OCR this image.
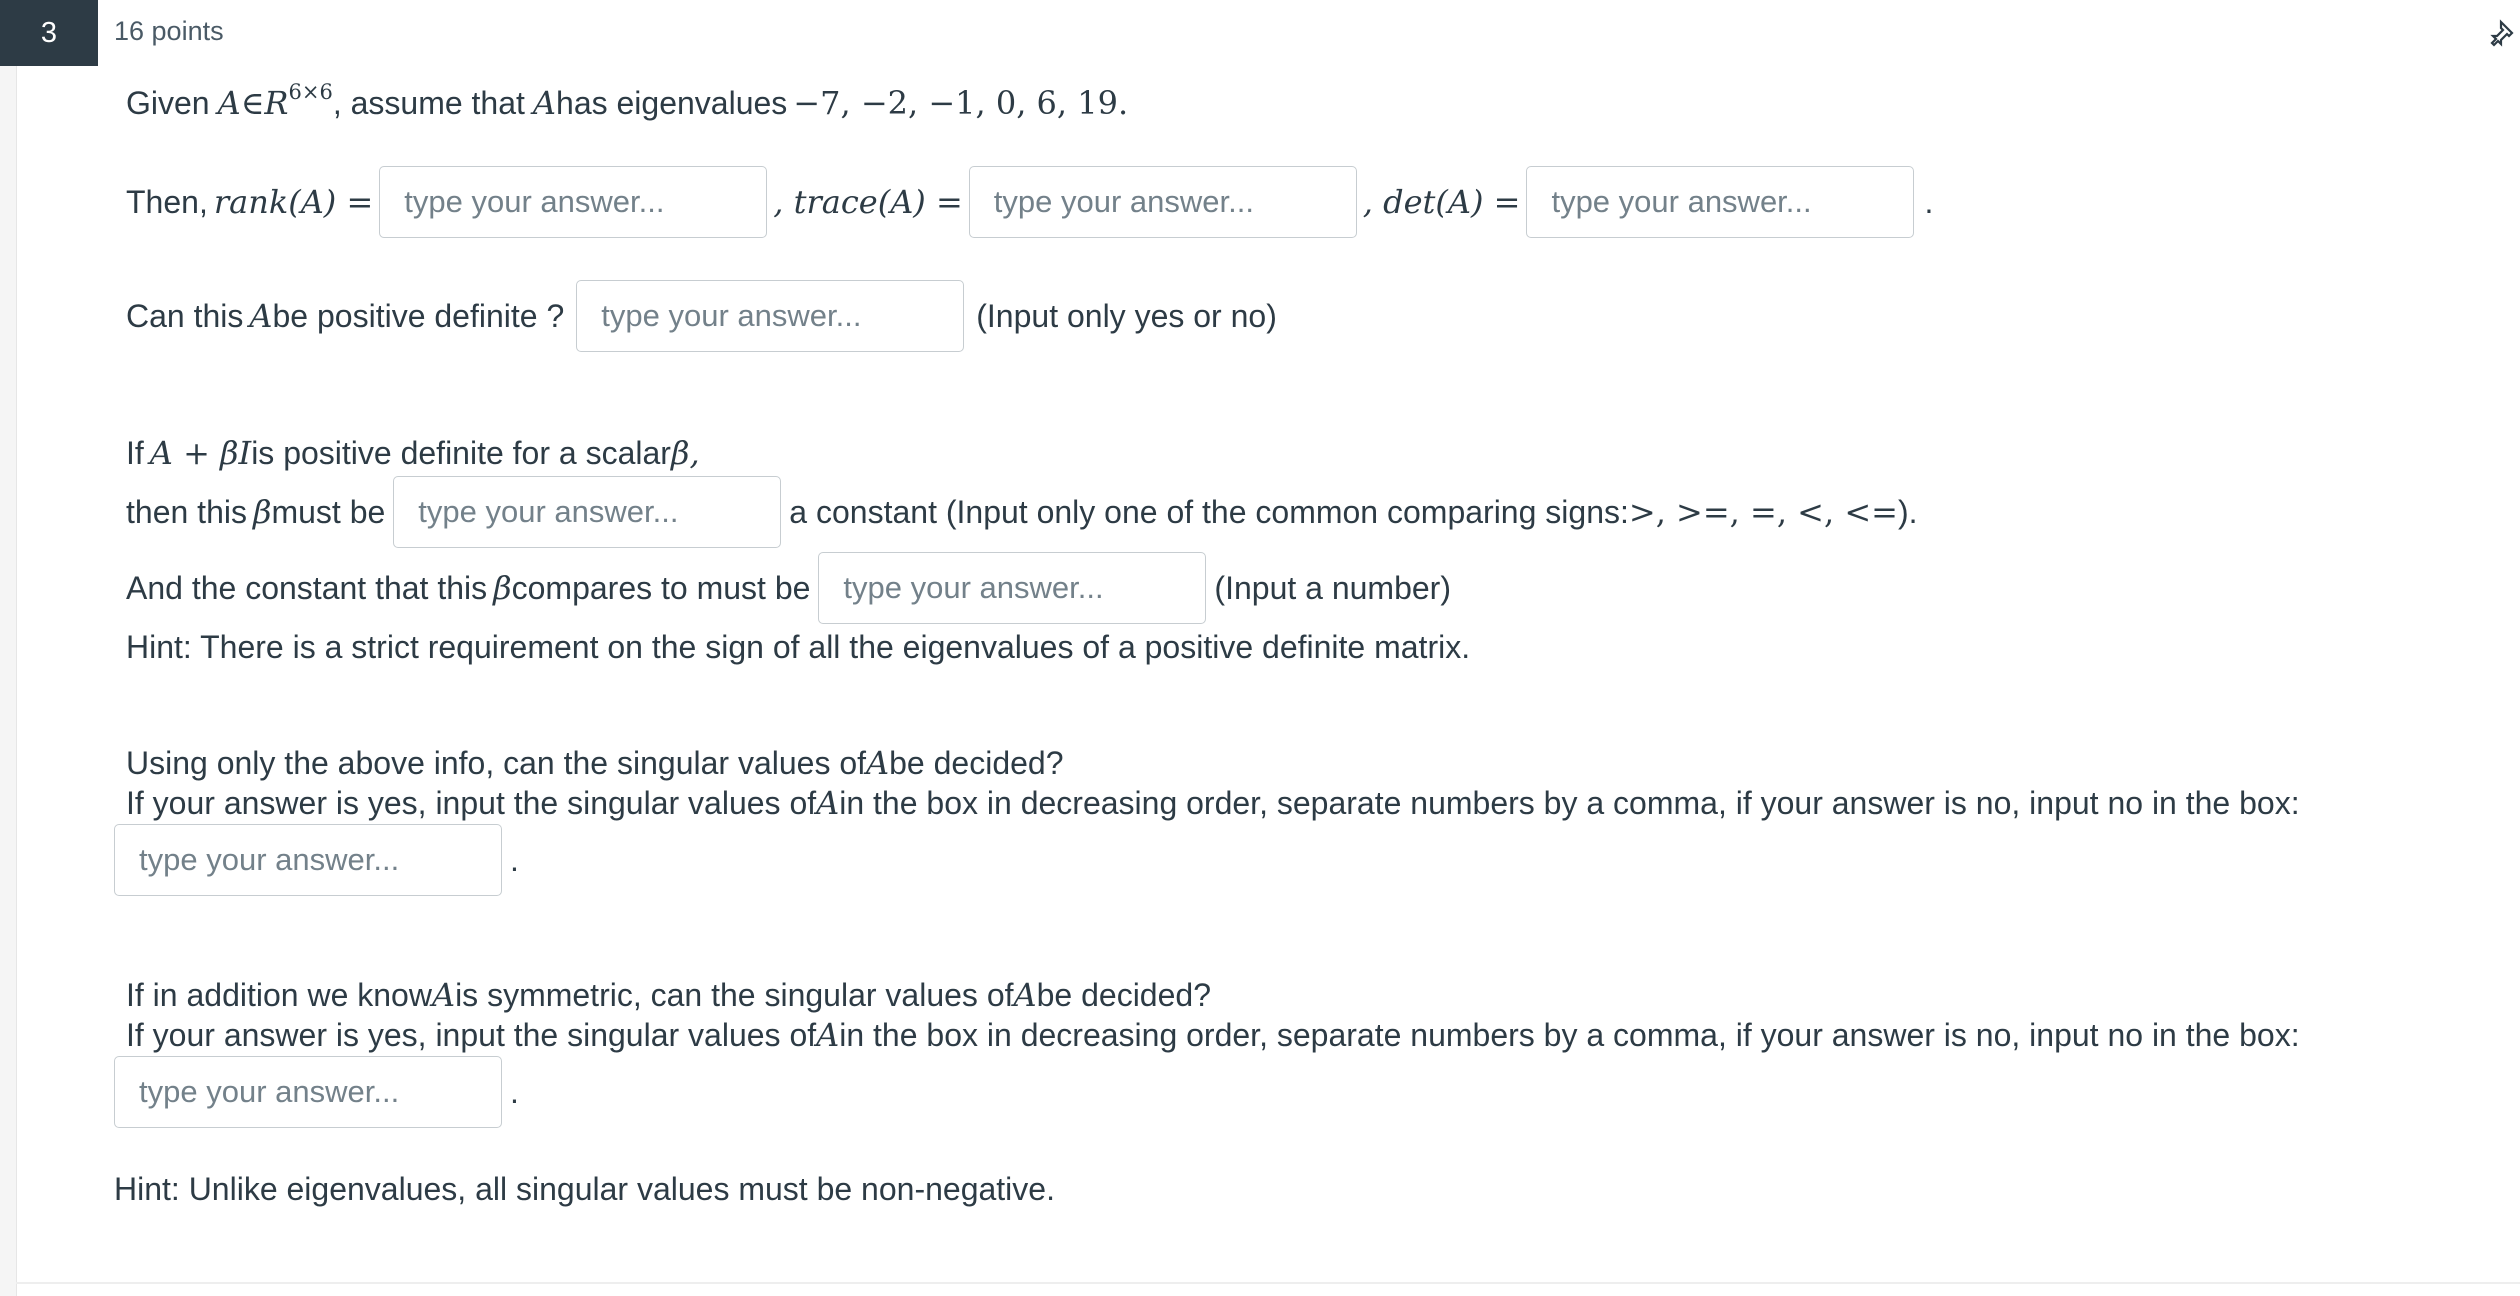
3	16 points
Given A ∈ $R^{6\times 6}$ , assume that A has eigenvalues −7, −2, −1, 0, 6, 19 .
Then, rank(A) =	type your answer...	, trace(A) =	type your answer...	, det(A) =	type your answer...	.
Can this A be positive definite ?	type your answer...	(Input only yes or no)
If A + βI is positive definite for a scalar β,
then this β must be	type your answer...	a constant (Input only one of the common comparing signs: >, >=, =, <, <= ).
And the constant that this β compares to must be	type your answer...	(Input a number)
Hint: There is a strict requirement on the sign of all the eigenvalues of a positive definite matrix.
Using only the above info, can the singular values of A be decided?
If your answer is yes, input the singular values of A in the box in decreasing order, separate numbers by a comma, if your answer is no, input no in the box:
type your answer...	.
If in addition we know A is symmetric, can the singular values of A be decided?
If your answer is yes, input the singular values of A in the box in decreasing order, separate numbers by a comma, if your answer is no, input no in the box:
type your answer...	.
Hint: Unlike eigenvalues, all singular values must be non-negative.
